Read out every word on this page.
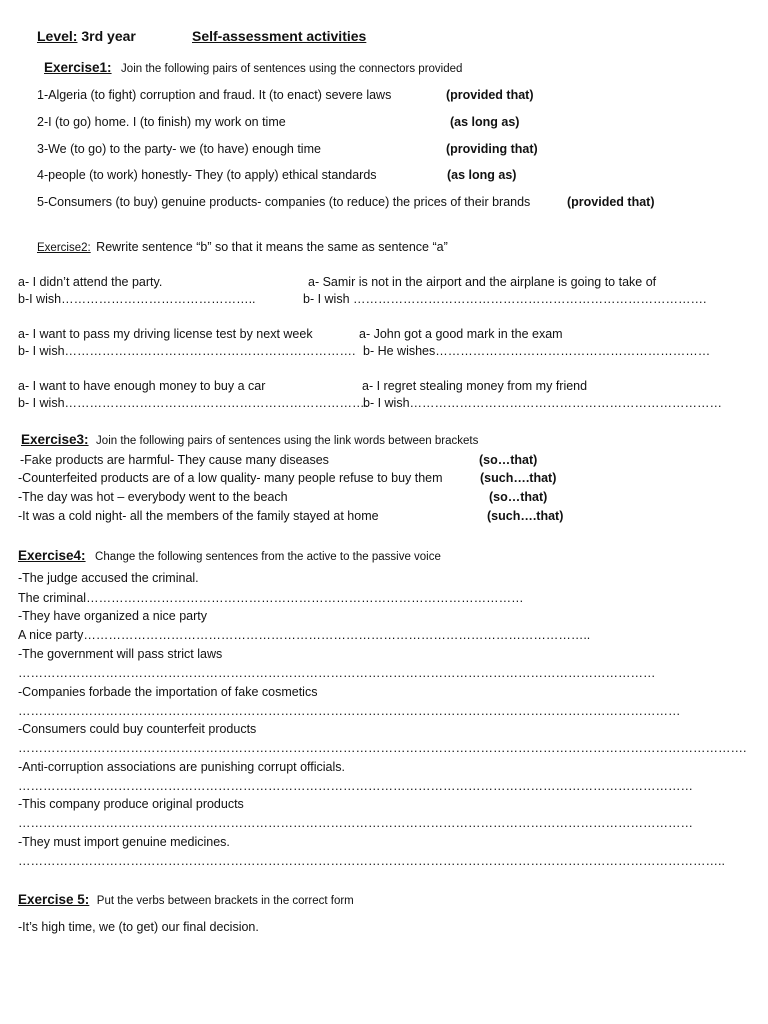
Level: 3rd year	Self-assessment activities
Exercise1: Join the following pairs of sentences using the connectors provided
1-Algeria (to fight) corruption and fraud. It (to enact) severe laws	(provided that)
2-I (to go) home. I (to finish) my work on time	(as long as)
3-We (to go) to the party- we (to have) enough time	(providing that)
4-people (to work) honestly- They (to apply) ethical standards	(as long as)
5-Consumers (to buy) genuine products- companies (to reduce) the prices of their brands	(provided that)
Exercise2: Rewrite sentence “b” so that it means the same as sentence “a”
a- I didn’t attend the party.
b-I wish………………………………………..
a- Samir is not in the airport and the airplane is going to take of
b- I wish ………………………………………………………………………….
a- I want to pass my driving license test by next week
b- I wish…………………………………………………………….
a- John got a good mark in the exam
b- He wishes…………………………………………………………
a- I want to have enough money to buy a car
b- I wish……………………………………………………………….
a- I regret stealing money from my friend
b- I wish…………………………………………………………………
Exercise3: Join the following pairs of sentences using the link words between brackets
-Fake products are harmful- They cause many diseases	(so…that)
-Counterfeited products are of a low quality- many people refuse to buy them	(such….that)
-The day was hot – everybody went to the beach	(so…that)
-It was a cold night- all the members of the family stayed at home	(such….that)
Exercise4: Change the following sentences from the active to the passive voice
-The judge accused the criminal.
The criminal……………………………………………………………………………………………
-They have organized a nice party
A nice party…………………………………………………………………………………………………………..
-The government will pass strict laws
………………………………………………………………………………………………………………………………………
-Companies forbade the importation of fake cosmetics
……………………………………………………………………………………………………………………………………………
-Consumers could buy counterfeit products
………………………………………………………………………………………………………………………………………………………….
-Anti-corruption associations are punishing corrupt officials.
………………………………………………………………………………………………………………………………………………
-This company produce original products
………………………………………………………………………………………………………………………………………………
-They must import genuine medicines.
……………………………………………………………………………………………………………………………………………………..
Exercise 5: Put the verbs between brackets in the correct form
-It’s high time, we (to get) our final decision.
